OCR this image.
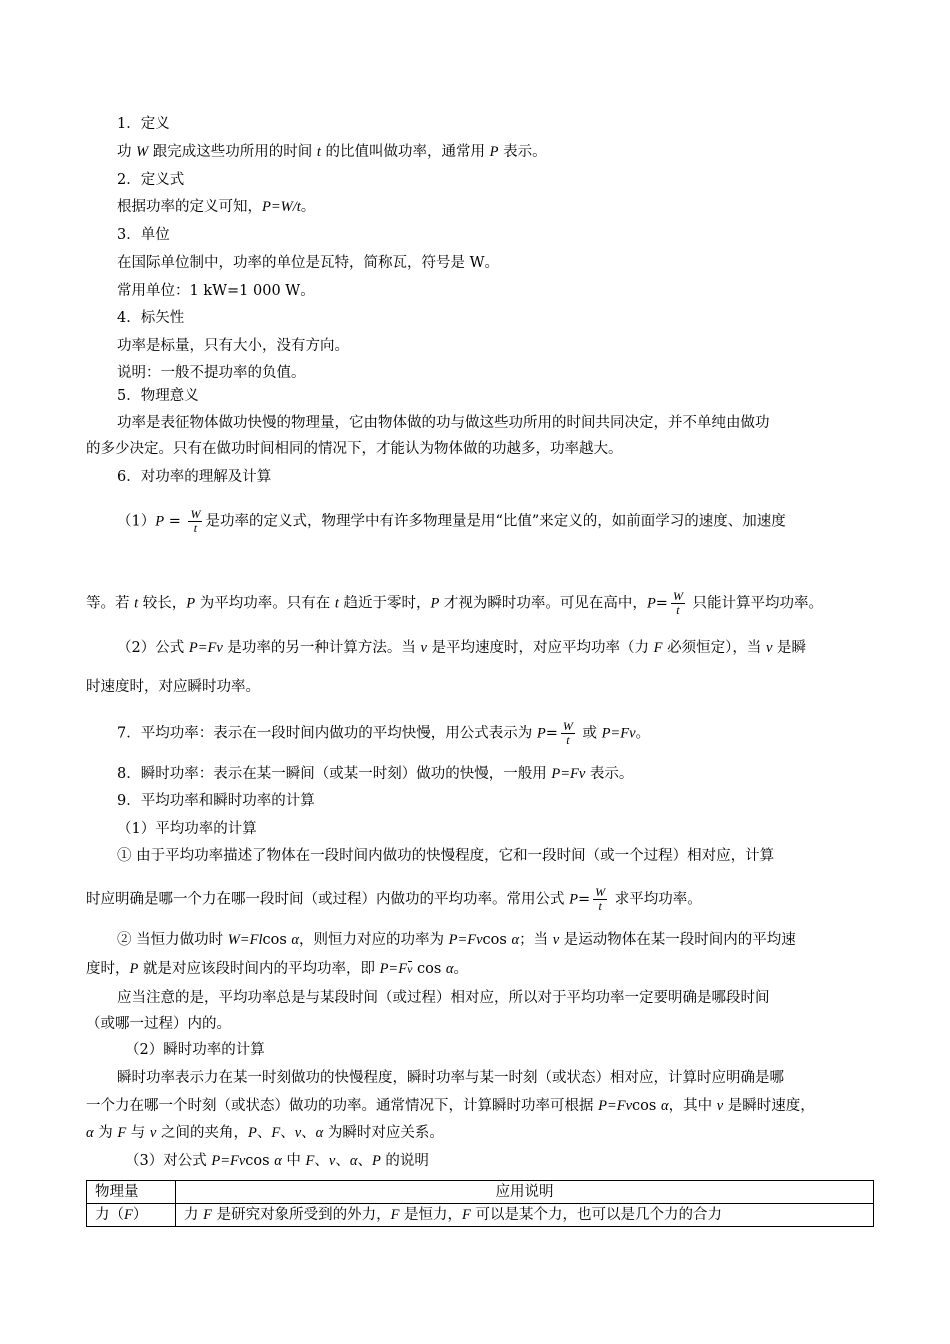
1．定义
功 W 跟完成这些功所用的时间 t 的比值叫做功率，通常用 P 表示。
2．定义式
根据功率的定义可知，P=W/t。
3．单位
在国际单位制中，功率的单位是瓦特，简称瓦，符号是 W。
常用单位：1 kW=1 000 W。
4．标矢性
功率是标量，只有大小，没有方向。
说明：一般不提功率的负值。
5．物理意义
功率是表征物体做功快慢的物理量，它由物体做的功与做这些功所用的时间共同决定，并不单纯由做功
的多少决定。只有在做功时间相同的情况下，才能认为物体做的功越多，功率越大。
6．对功率的理解及计算
$(1)P = \frac{W}{t}$ 是功率的定义式，物理学中有许多物理量是用“比值”来定义的，如前面学习的速度、加速度
等。若 t 较长，P 为平均功率。只有在 t 趋近于零时，P 才视为瞬时功率。可见在高中，$P= \frac{W}{t}$ 只能计算平均功率。
（2）公式 P=Fv 是功率的另一种计算方法。当 v 是平均速度时，对应平均功率（力 F 必须恒定），当 v 是瞬
时速度时，对应瞬时功率。
7．平均功率：表示在一段时间内做功的平均快慢，用公式表示为 $P= \frac{W}{t}$ 或 P=Fv。
8．瞬时功率：表示在某一瞬间（或某一时刻）做功的快慢，一般用 P=Fv 表示。
9．平均功率和瞬时功率的计算
（1）平均功率的计算
① 由于平均功率描述了物体在一段时间内做功的快慢程度，它和一段时间（或一个过程）相对应，计算
时应明确是哪一个力在哪一段时间（或过程）内做功的平均功率。常用公式 $P= \frac{W}{t}$ 求平均功率。
② 当恒力做功时 W=Flcos α，则恒力对应的功率为 P=Fvcos α；当 v 是运动物体在某一段时间内的平均速
度时，P 就是对应该段时间内的平均功率，即 P=Fv cos α。
应当注意的是，平均功率总是与某段时间（或过程）相对应，所以对于平均功率一定要明确是哪段时间
（或哪一过程）内的。
（2）瞬时功率的计算
瞬时功率表示力在某一时刻做功的快慢程度，瞬时功率与某一时刻（或状态）相对应，计算时应明确是哪
一个力在哪一个时刻（或状态）做功的功率。通常情况下，计算瞬时功率可根据 P=Fvcos α，其中 v 是瞬时速度，
α 为 F 与 v 之间的夹角，P、F、v、α 为瞬时对应关系。
（3）对公式 P=Fvcos α 中 F、v、α、P 的说明
物理量	应用说明
力（F）	力 F 是研究对象所受到的外力，F 是恒力，F 可以是某个力，也可以是几个力的合力
